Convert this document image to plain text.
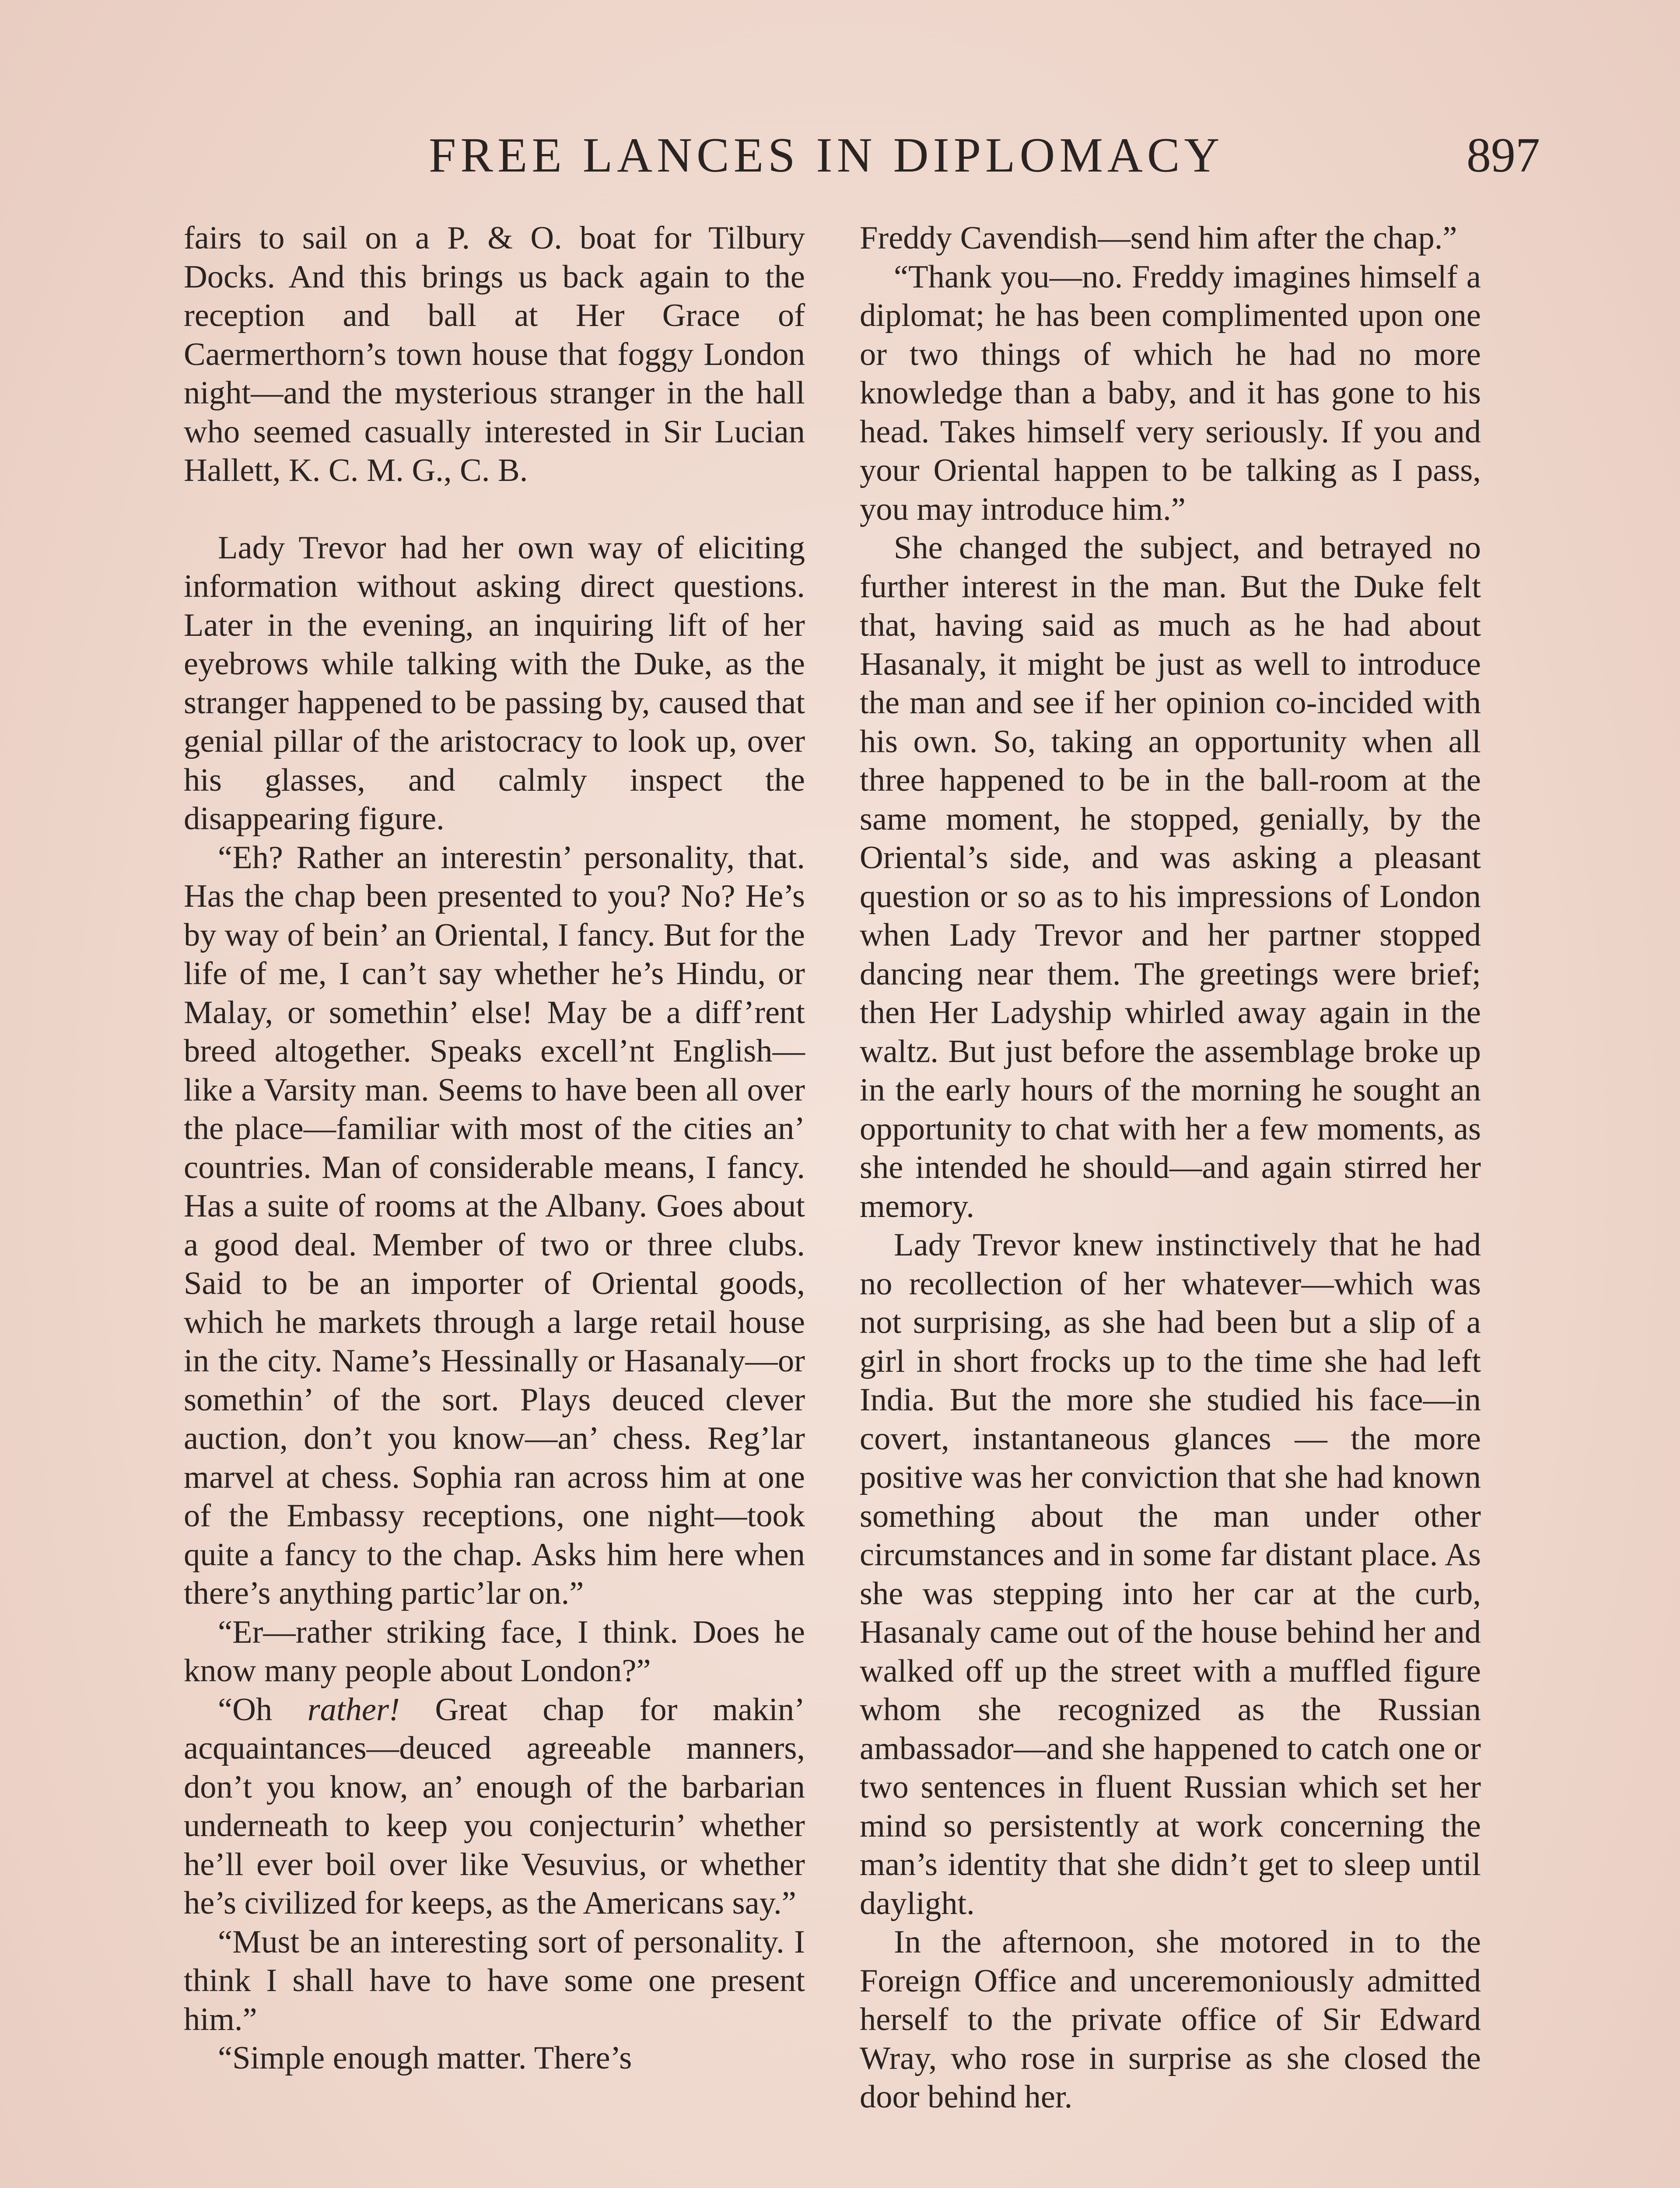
FREE LANCES IN DIPLOMACY	897

fairs to sail on a P. & O. boat for Tilbury Docks. And this brings us back again to the reception and ball at Her Grace of Caermerthorn’s town house that foggy London night—and the mysterious stranger in the hall who seemed casually interested in Sir Lucian Hallett, K. C. M. G., C. B.

Lady Trevor had her own way of eliciting information without asking direct questions. Later in the evening, an inquiring lift of her eyebrows while talking with the Duke, as the stranger happened to be passing by, caused that genial pillar of the aristocracy to look up, over his glasses, and calmly inspect the disappearing figure.

“Eh? Rather an interestin’ personality, that. Has the chap been presented to you? No? He’s by way of bein’ an Oriental, I fancy. But for the life of me, I can’t say whether he’s Hindu, or Malay, or somethin’ else! May be a diff’rent breed altogether. Speaks excell’nt English—like a Varsity man. Seems to have been all over the place—familiar with most of the cities an’ countries. Man of considerable means, I fancy. Has a suite of rooms at the Albany. Goes about a good deal. Member of two or three clubs. Said to be an importer of Oriental goods, which he markets through a large retail house in the city. Name’s Hessinally or Hasanaly—or somethin’ of the sort. Plays deuced clever auction, don’t you know—an’ chess. Reg’lar marvel at chess. Sophia ran across him at one of the Embassy receptions, one night—took quite a fancy to the chap. Asks him here when there’s anything partic’lar on.”

“Er—rather striking face, I think. Does he know many people about London?”

“Oh rather! Great chap for makin’ acquaintances—deuced agreeable manners, don’t you know, an’ enough of the barbarian underneath to keep you conjecturin’ whether he’ll ever boil over like Vesuvius, or whether he’s civilized for keeps, as the Americans say.”

“Must be an interesting sort of personality. I think I shall have to have some one present him.”

“Simple enough matter. There’s

Freddy Cavendish—send him after the chap.”

“Thank you—no. Freddy imagines himself a diplomat; he has been complimented upon one or two things of which he had no more knowledge than a baby, and it has gone to his head. Takes himself very seriously. If you and your Oriental happen to be talking as I pass, you may introduce him.”

She changed the subject, and betrayed no further interest in the man. But the Duke felt that, having said as much as he had about Hasanaly, it might be just as well to introduce the man and see if her opinion co-incided with his own. So, taking an opportunity when all three happened to be in the ball-room at the same moment, he stopped, genially, by the Oriental’s side, and was asking a pleasant question or so as to his impressions of London when Lady Trevor and her partner stopped dancing near them. The greetings were brief; then Her Ladyship whirled away again in the waltz. But just before the assemblage broke up in the early hours of the morning he sought an opportunity to chat with her a few moments, as she intended he should—and again stirred her memory.

Lady Trevor knew instinctively that he had no recollection of her whatever—which was not surprising, as she had been but a slip of a girl in short frocks up to the time she had left India. But the more she studied his face—in covert, instantaneous glances — the more positive was her conviction that she had known something about the man under other circumstances and in some far distant place. As she was stepping into her car at the curb, Hasanaly came out of the house behind her and walked off up the street with a muffled figure whom she recognized as the Russian ambassador—and she happened to catch one or two sentences in fluent Russian which set her mind so persistently at work concerning the man’s identity that she didn’t get to sleep until daylight.

In the afternoon, she motored in to the Foreign Office and unceremoniously admitted herself to the private office of Sir Edward Wray, who rose in surprise as she closed the door behind her.
